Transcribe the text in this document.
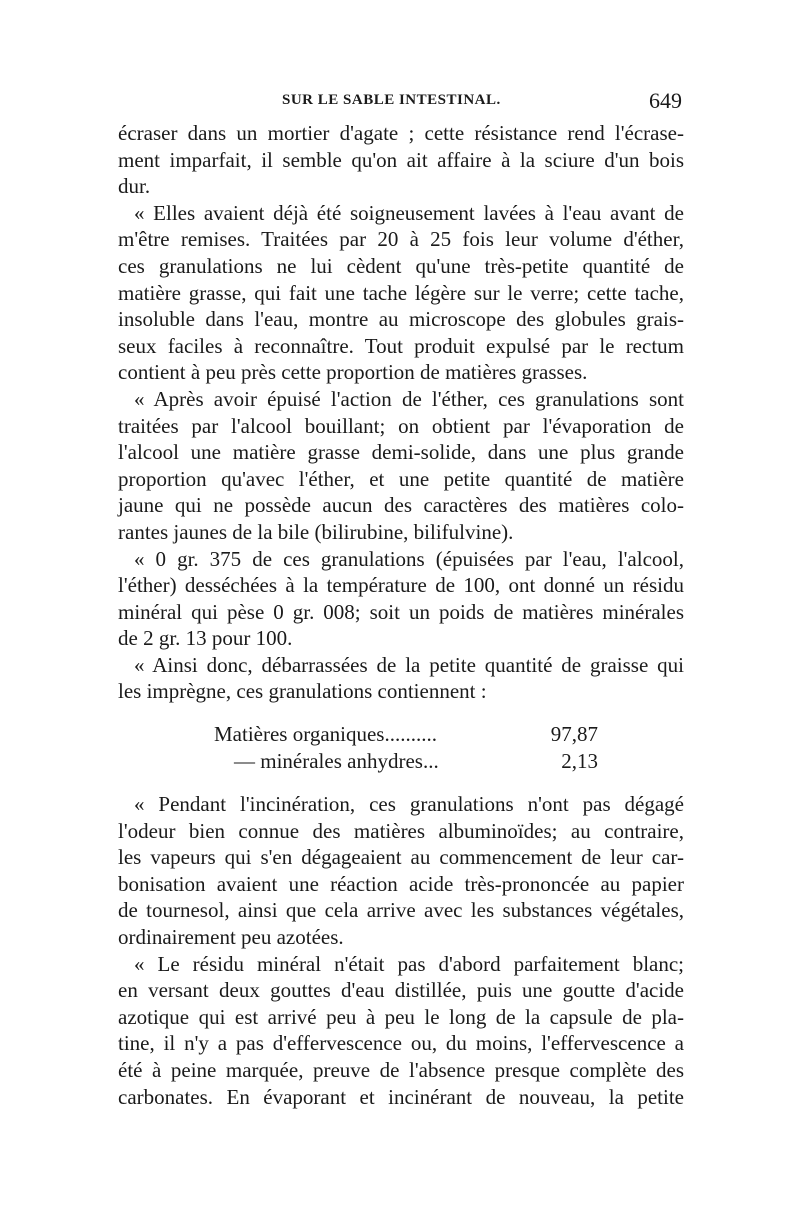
SUR LE SABLE INTESTINAL.	649

écraser dans un mortier d'agate ; cette résistance rend l'écrase-

ment imparfait, il semble qu'on ait affaire à la sciure d'un bois

dur.

« Elles avaient déjà été soigneusement lavées à l'eau avant de

m'être remises. Traitées par 20 à 25 fois leur volume d'éther,

ces granulations ne lui cèdent qu'une très-petite quantité de

matière grasse, qui fait une tache légère sur le verre; cette tache,

insoluble dans l'eau, montre au microscope des globules grais-

seux faciles à reconnaître. Tout produit expulsé par le rectum

contient à peu près cette proportion de matières grasses.

« Après avoir épuisé l'action de l'éther, ces granulations sont

traitées par l'alcool bouillant; on obtient par l'évaporation de

l'alcool une matière grasse demi-solide, dans une plus grande

proportion qu'avec l'éther, et une petite quantité de matière

jaune qui ne possède aucun des caractères des matières colo-

rantes jaunes de la bile (bilirubine, bilifulvine).

« 0 gr. 375 de ces granulations (épuisées par l'eau, l'alcool,

l'éther) desséchées à la température de 100, ont donné un résidu

minéral qui pèse 0 gr. 008; soit un poids de matières minérales

de 2 gr. 13 pour 100.

« Ainsi donc, débarrassées de la petite quantité de graisse qui

les imprègne, ces granulations contiennent :

Matières organiques..........	97,87
— minérales anhydres...	2,13

« Pendant l'incinération, ces granulations n'ont pas dégagé

l'odeur bien connue des matières albuminoïdes; au contraire,

les vapeurs qui s'en dégageaient au commencement de leur car-

bonisation avaient une réaction acide très-prononcée au papier

de tournesol, ainsi que cela arrive avec les substances végétales,

ordinairement peu azotées.

« Le résidu minéral n'était pas d'abord parfaitement blanc;

en versant deux gouttes d'eau distillée, puis une goutte d'acide

azotique qui est arrivé peu à peu le long de la capsule de pla-

tine, il n'y a pas d'effervescence ou, du moins, l'effervescence a

été à peine marquée, preuve de l'absence presque complète des

carbonates. En évaporant et incinérant de nouveau, la petite
